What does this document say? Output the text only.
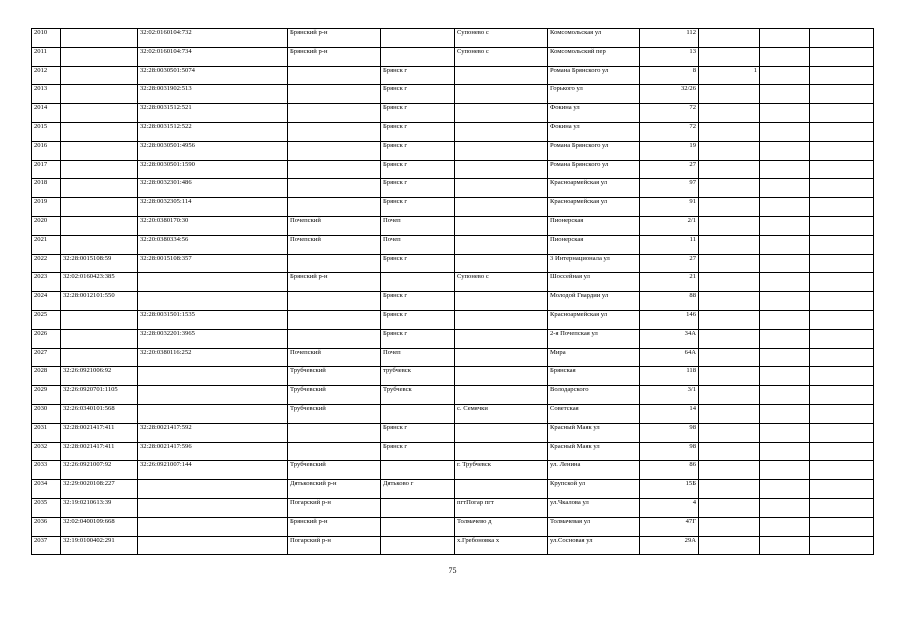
2010		32:02:0160104:732	Брянский р-н		Супонево с	Комсомольская ул	112			
2011		32:02:0160104:734	Брянский р-н		Супонево с	Комсомольский пер	13			
2012		32:28:0030501:5074		Брянск г		Романа Брянского ул	8	1		
2013		32:28:0031902:513		Брянск г		Горького ул	32/26			
2014		32:28:0031512:521		Брянск г		Фокина ул	72			
2015		32:28:0031512:522		Брянск г		Фокина ул	72			
2016		32:28:0030501:4956		Брянск г		Романа Брянского ул	19			
2017		32:28:0030501:1590		Брянск г		Романа Брянского ул	27			
2018		32:28:0032301:486		Брянск г		Красноармейская ул	97			
2019		32:28:0032305:114		Брянск г		Красноармейская ул	91			
2020		32:20:0380170:30	Почепский	Почеп		Пионерская	2/1			
2021		32:20:0380334:56	Почепский	Почеп		Пионерская	11			
2022	32:28:0015108:59	32:28:0015108:357		Брянск г		3 Интернационала ул	27			
2023	32:02:0160423:385		Брянский р-н		Супонево с	Шоссейная ул	21			
2024	32:28:0012101:550			Брянск г		Молодой Гвардии ул	88			
2025		32:28:0031501:1535		Брянск г		Красноармейская ул	146			
2026		32:28:0032201:3965		Брянск г		2-я Почепская ул	34А			
2027		32:20:0380116:252	Почепский	Почеп		Мира	64А			
2028	32:26:0921006:92		Трубчевский	трубчевск		Брянская	118			
2029	32:26:0920701:1105		Трубчевский	Трубчевск		Володарского	3/1			
2030	32:26:0340101:568		Трубчевский		с. Семячки	Советская	14			
2031	32:28:0021417:411	32:28:0021417:592		Брянск г		Красный Маяк ул	98			
2032	32:28:0021417:411	32:28:0021417:596		Брянск г		Красный Маяк ул	98			
2033	32:26:0921007:92	32:26:0921007:144	Трубчевский		г. Трубчевск	ул. Ленина	86			
2034	32:29:0020108:227		Дятьковский р-н	Дятьково г		Крупской ул	15Б			
2035	32:19:0210613:39		Погарский р-н		пгтПогар пгт	ул.Чкалова ул	4			
2036	32:02:0400109:668		Брянский р-н		Толмачево д	Толмачевая ул	47Г			
2037	32:19:0100402:291		Погарский р-н		х.Гребоновка х	ул.Сосновая ул	29А			
75
